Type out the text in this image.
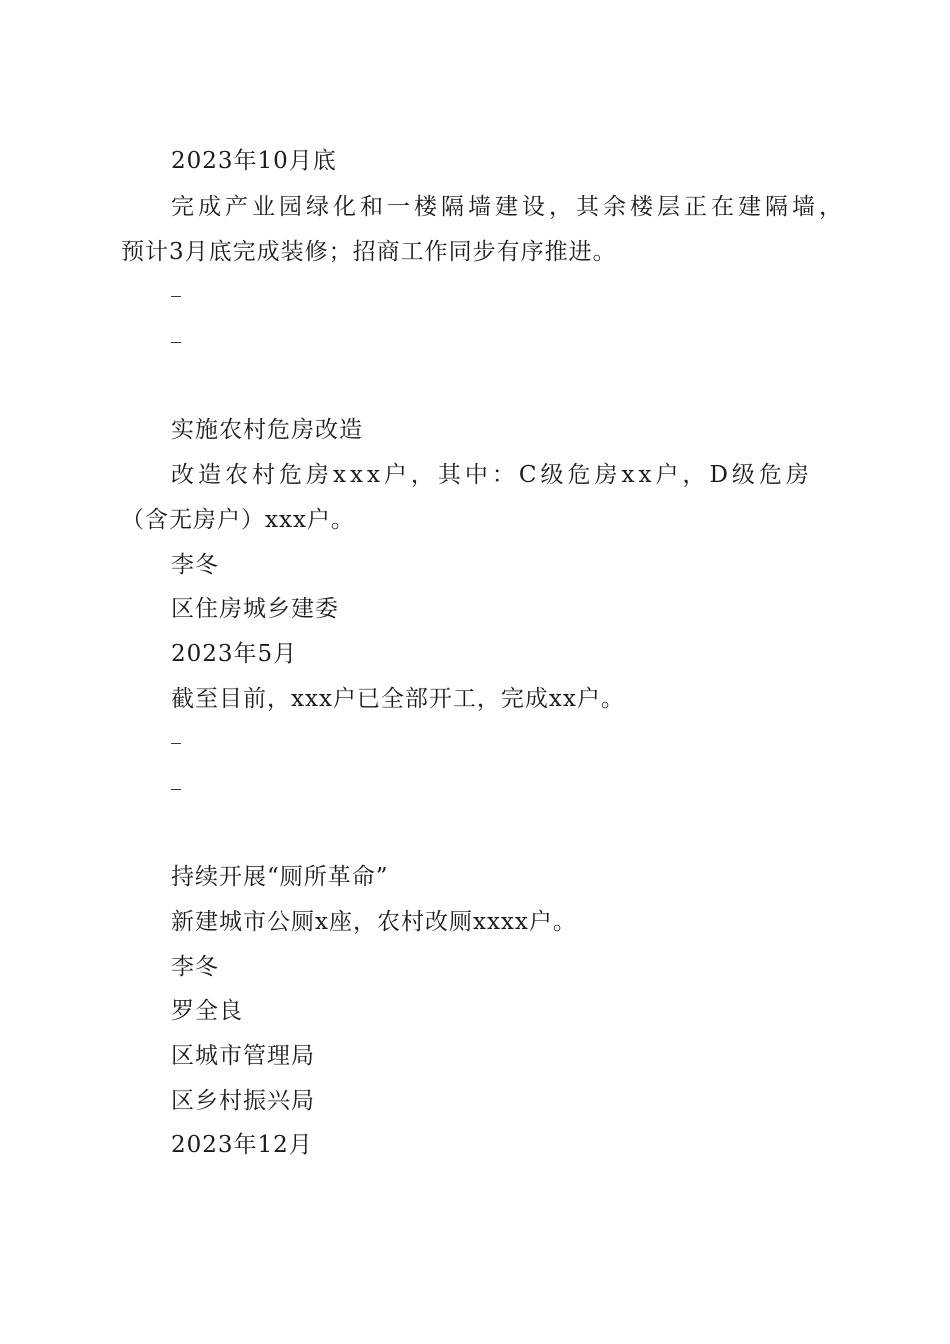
2023年10月底
完成产业园绿化和一楼隔墙建设，其余楼层正在建隔墙，
预计3月底完成装修；招商工作同步有序推进。
实施农村危房改造
改造农村危房xxx户，其中：C级危房xx户，D级危房
（含无房户）xxx户。
李冬
区住房城乡建委
2023年5月
截至目前，xxx户已全部开工，完成xx户。
持续开展“厕所革命”
新建城市公厕x座，农村改厕xxxx户。
李冬
罗全良
区城市管理局
区乡村振兴局
2023年12月
